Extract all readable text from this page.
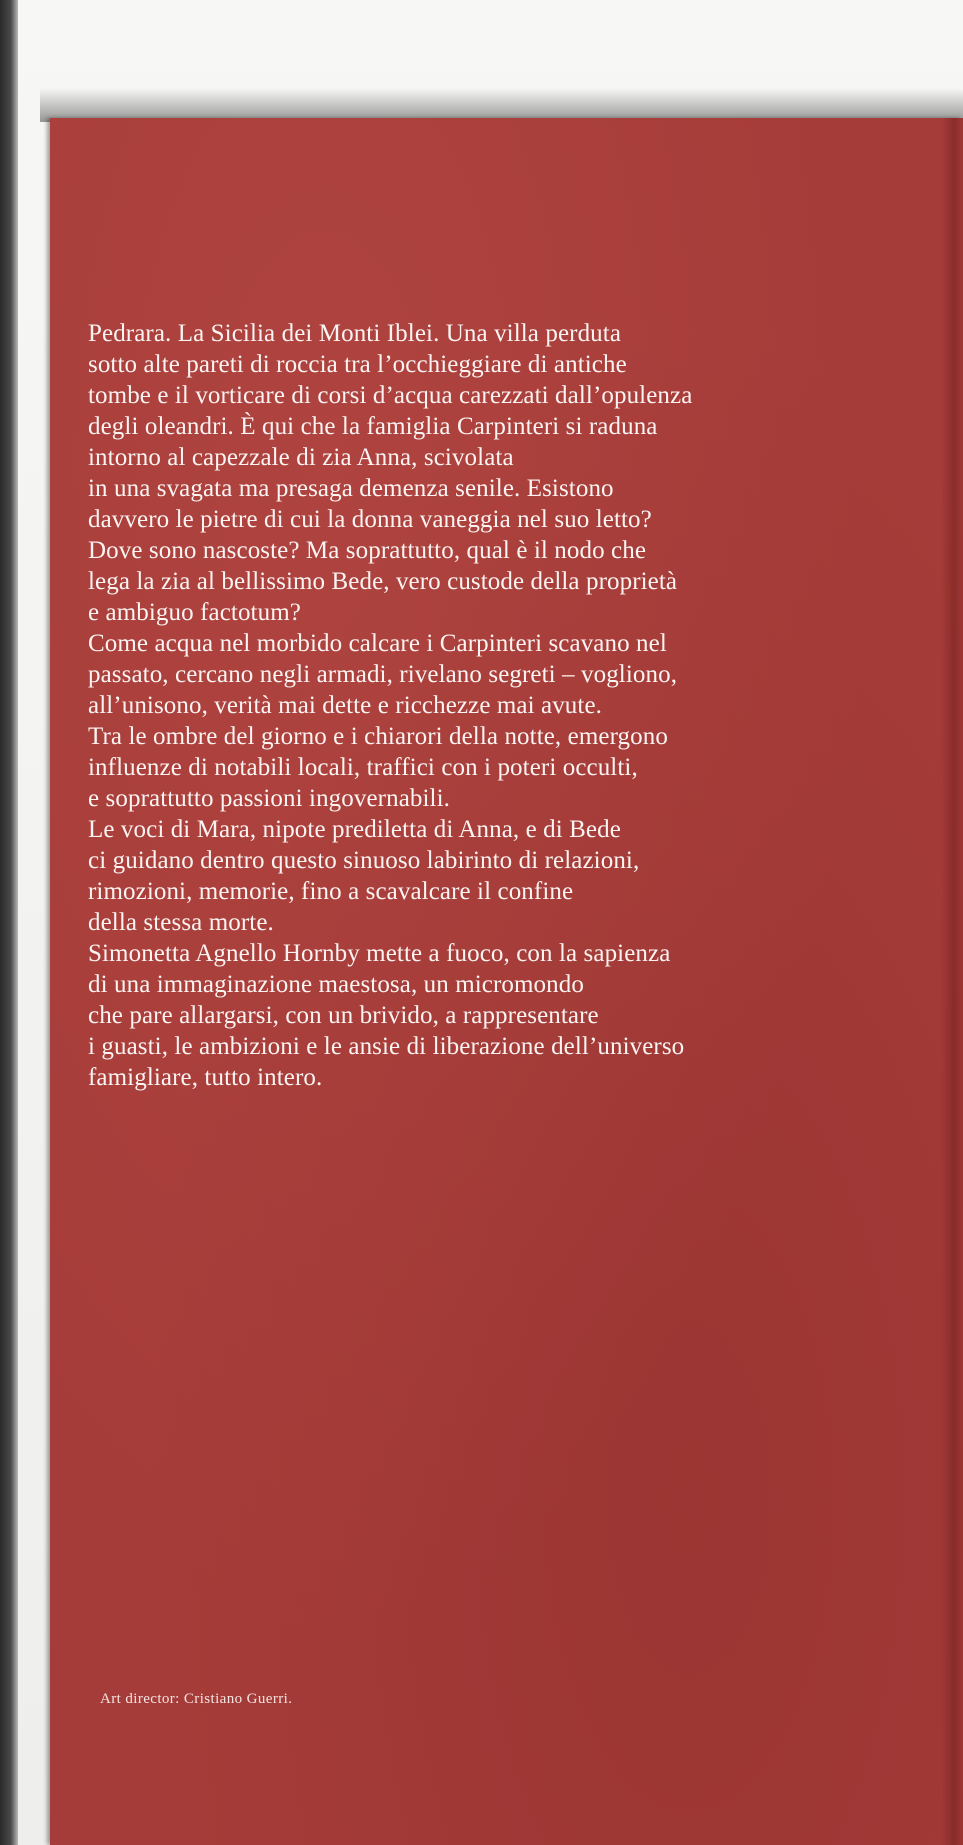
Pedrara. La Sicilia dei Monti Iblei. Una villa perduta
sotto alte pareti di roccia tra l’occhieggiare di antiche
tombe e il vorticare di corsi d’acqua carezzati dall’opulenza
degli oleandri. È qui che la famiglia Carpinteri si raduna
intorno al capezzale di zia Anna, scivolata
in una svagata ma presaga demenza senile. Esistono
davvero le pietre di cui la donna vaneggia nel suo letto?
Dove sono nascoste? Ma soprattutto, qual è il nodo che
lega la zia al bellissimo Bede, vero custode della proprietà
e ambiguo factotum?
Come acqua nel morbido calcare i Carpinteri scavano nel
passato, cercano negli armadi, rivelano segreti – vogliono,
all’unisono, verità mai dette e ricchezze mai avute.
Tra le ombre del giorno e i chiarori della notte, emergono
influenze di notabili locali, traffici con i poteri occulti,
e soprattutto passioni ingovernabili.
Le voci di Mara, nipote prediletta di Anna, e di Bede
ci guidano dentro questo sinuoso labirinto di relazioni,
rimozioni, memorie, fino a scavalcare il confine
della stessa morte.
Simonetta Agnello Hornby mette a fuoco, con la sapienza
di una immaginazione maestosa, un micromondo
che pare allargarsi, con un brivido, a rappresentare
i guasti, le ambizioni e le ansie di liberazione dell’universo
famigliare, tutto intero.
Art director: Cristiano Guerri.
